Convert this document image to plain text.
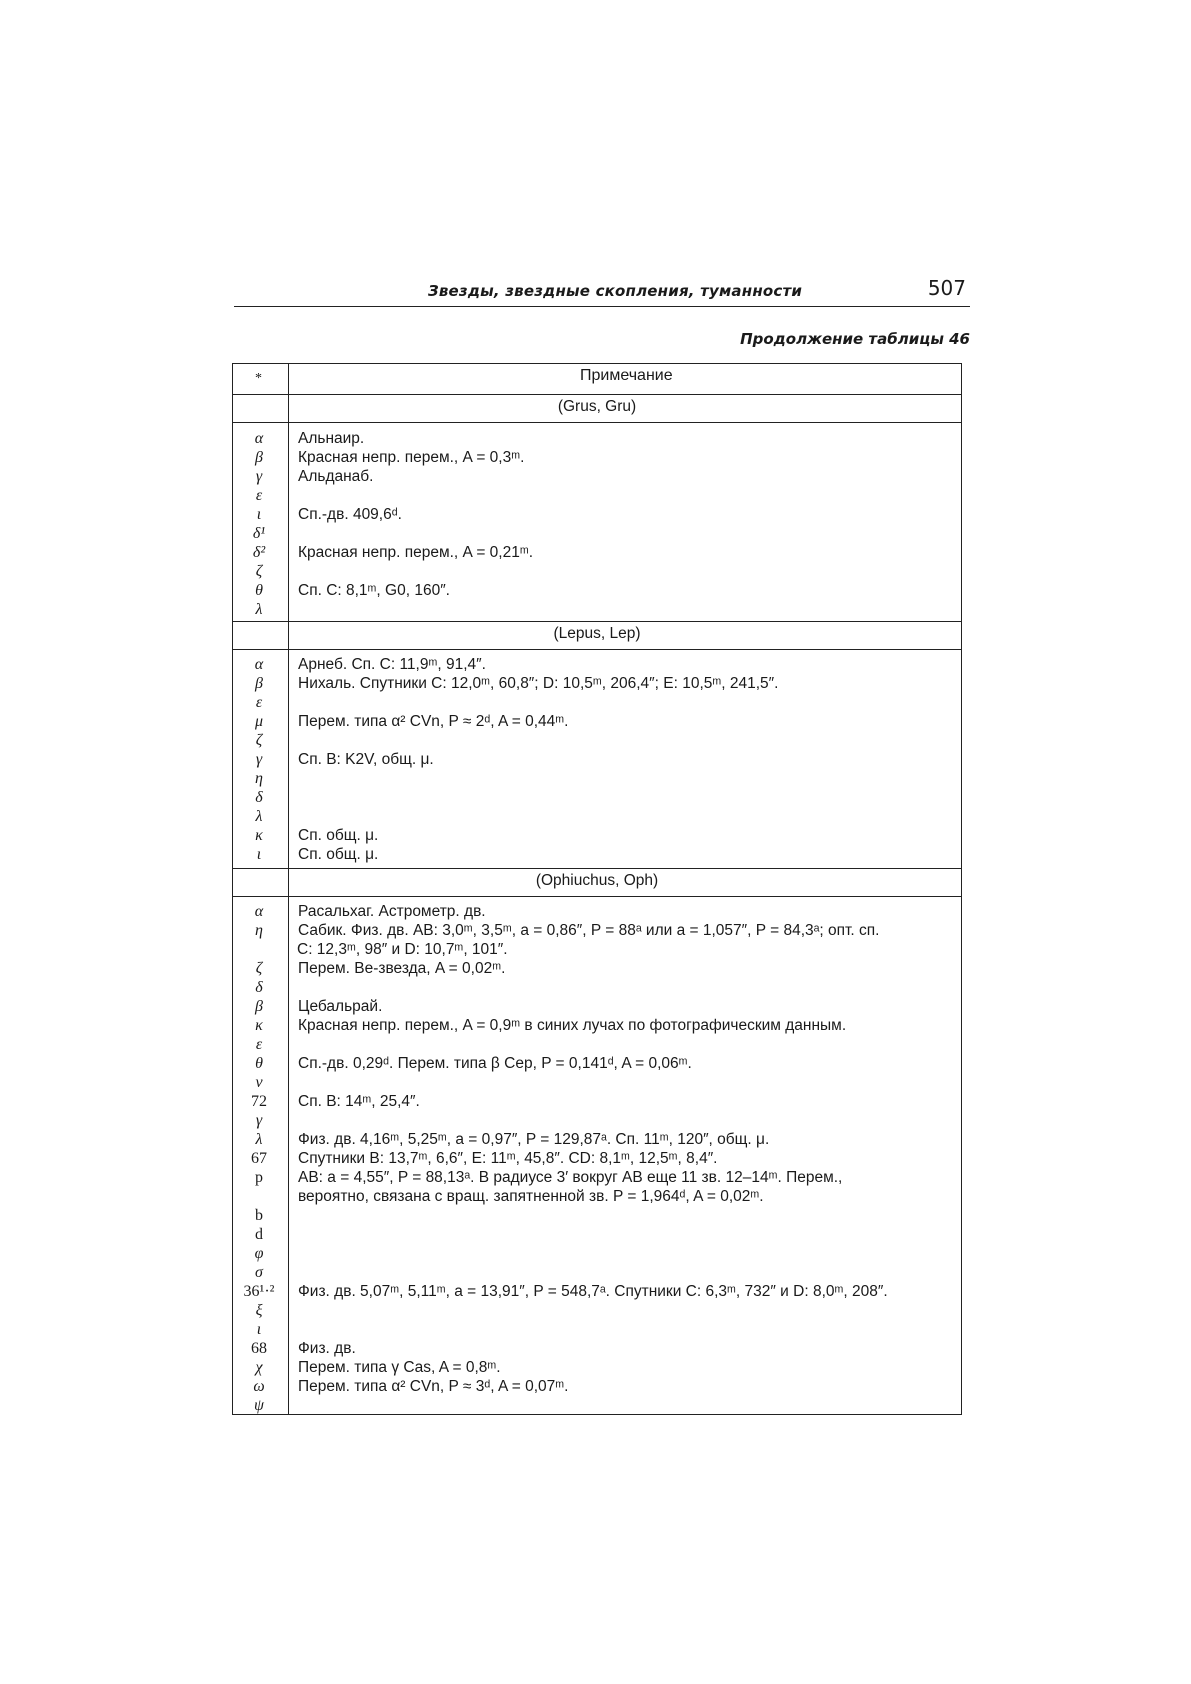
Звезды, звездные скопления, туманности	507
Продолжение таблицы 46
*	Примечание
(Grus, Gru)
α	Альнаир.
β	Красная непр. перем., A = 0,3ᵐ.
γ	Альданаб.
ε
ι	Сп.-дв. 409,6ᵈ.
δ¹
δ²	Красная непр. перем., A = 0,21ᵐ.
ζ
θ	Сп. C: 8,1ᵐ, G0, 160″.
λ
(Lepus, Lep)
α	Арнеб. Сп. C: 11,9ᵐ, 91,4″.
β	Нихаль. Спутники C: 12,0ᵐ, 60,8″; D: 10,5ᵐ, 206,4″; E: 10,5ᵐ, 241,5″.
ε
μ	Перем. типа α² CVn, P ≈ 2ᵈ, A = 0,44ᵐ.
ζ
γ	Сп. B: K2V, общ. μ.
η
δ
λ
κ	Сп. общ. μ.
ι	Сп. общ. μ.
(Ophiuchus, Oph)
α	Расальхаг. Астрометр. дв.
η	Сабик. Физ. дв. AB: 3,0ᵐ, 3,5ᵐ, a = 0,86″, P = 88ᵃ или a = 1,057″, P = 84,3ᵃ; опт. сп.
C: 12,3ᵐ, 98″ и D: 10,7ᵐ, 101″.
ζ	Перем. Be-звезда, A = 0,02ᵐ.
δ
β	Цебальрай.
κ	Красная непр. перем., A = 0,9ᵐ в синих лучах по фотографическим данным.
ε
θ	Сп.-дв. 0,29ᵈ. Перем. типа β Cep, P = 0,141ᵈ, A = 0,06ᵐ.
ν
72	Сп. B: 14ᵐ, 25,4″.
γ
λ	Физ. дв. 4,16ᵐ, 5,25ᵐ, a = 0,97″, P = 129,87ᵃ. Сп. 11ᵐ, 120″, общ. μ.
67	Спутники B: 13,7ᵐ, 6,6″, E: 11ᵐ, 45,8″. CD: 8,1ᵐ, 12,5ᵐ, 8,4″.
p	AB: a = 4,55″, P = 88,13ᵃ. В радиусе 3′ вокруг AB еще 11 зв. 12–14ᵐ. Перем.,
вероятно, связана с вращ. запятненной зв. P = 1,964ᵈ, A = 0,02ᵐ.
b
d
φ
σ
36¹·²	Физ. дв. 5,07ᵐ, 5,11ᵐ, a = 13,91″, P = 548,7ᵃ. Спутники C: 6,3ᵐ, 732″ и D: 8,0ᵐ, 208″.
ξ
ι
68	Физ. дв.
χ	Перем. типа γ Cas, A = 0,8ᵐ.
ω	Перем. типа α² CVn, P ≈ 3ᵈ, A = 0,07ᵐ.
ψ
